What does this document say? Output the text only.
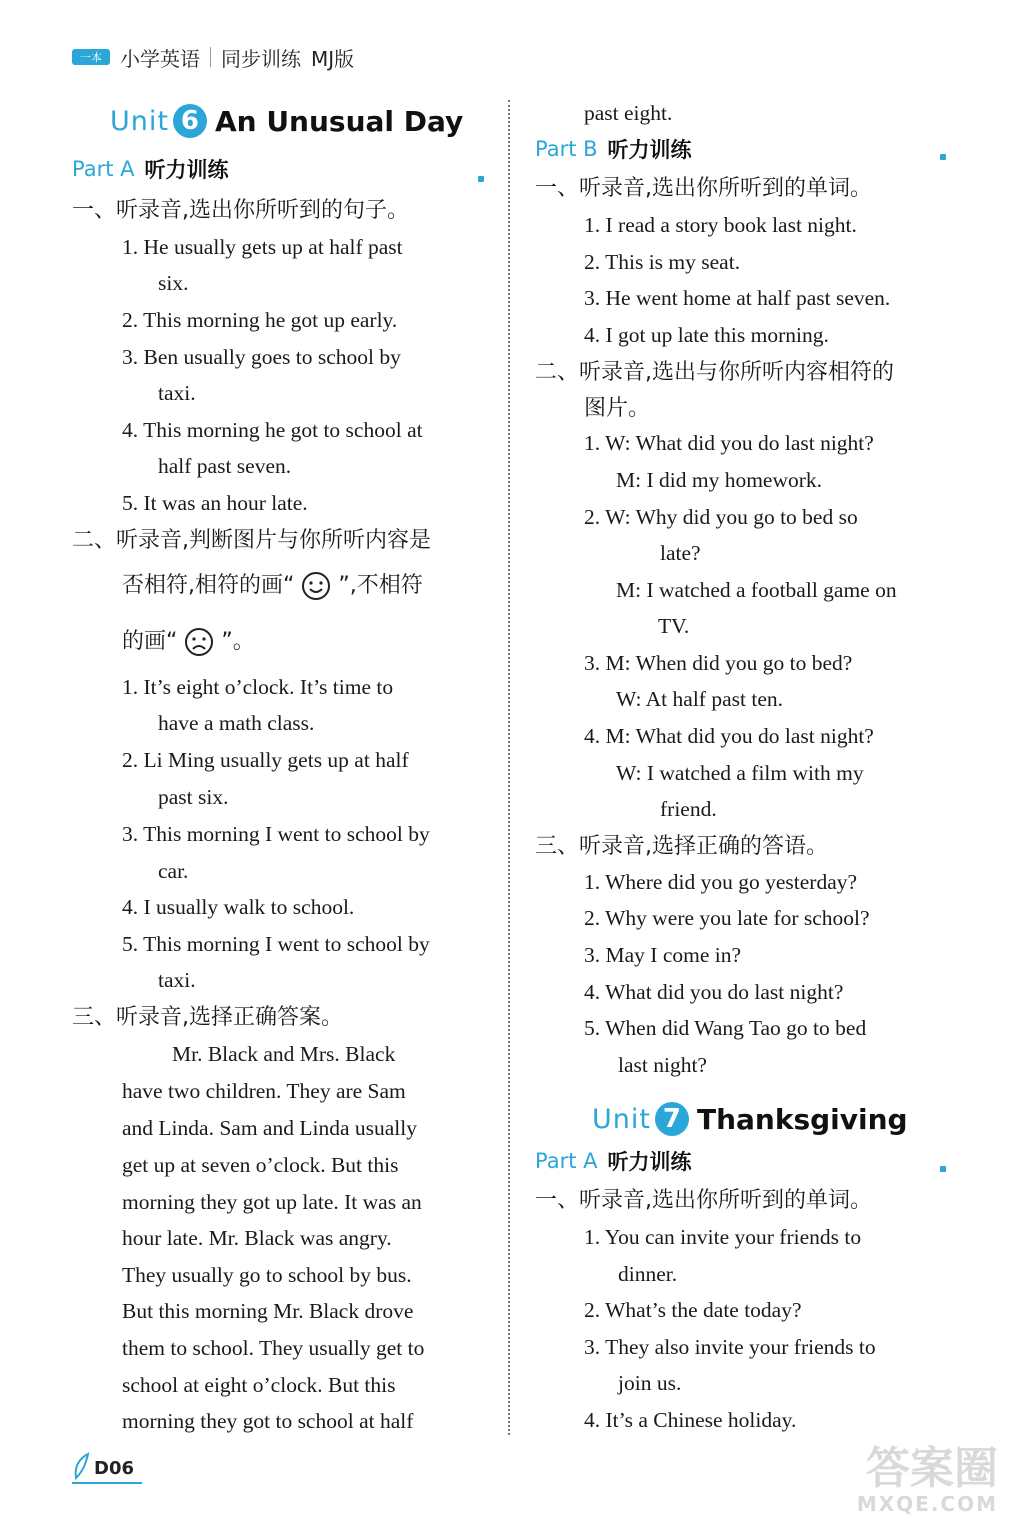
一本 小学英语 同步训练 MJ版
Unit 6 An Unusual Day
Part A 听力训练
一、听录音,选出你所听到的句子。
1. He usually gets up at half past
six.
2. This morning he got up early.
3. Ben usually goes to school by
taxi.
4. This morning he got to school at
half past seven.
5. It was an hour late.
二、听录音,判断图片与你所听内容是
否相符,相符的画“ ”,不相符
的画“ ”。
1. It’s eight o’clock. It’s time to
have a math class.
2. Li Ming usually gets up at half
past six.
3. This morning I went to school by
car.
4. I usually walk to school.
5. This morning I went to school by
taxi.
三、听录音,选择正确答案。
Mr. Black and Mrs. Black
have two children. They are Sam
and Linda. Sam and Linda usually
get up at seven o’clock. But this
morning they got up late. It was an
hour late. Mr. Black was angry.
They usually go to school by bus.
But this morning Mr. Black drove
them to school. They usually get to
school at eight o’clock. But this
morning they got to school at half
past eight.
Part B 听力训练
一、听录音,选出你所听到的单词。
1. I read a story book last night.
2. This is my seat.
3. He went home at half past seven.
4. I got up late this morning.
二、听录音,选出与你所听内容相符的
图片。
1. W: What did you do last night?
M: I did my homework.
2. W: Why did you go to bed so
late?
M: I watched a football game on
TV.
3. M: When did you go to bed?
W: At half past ten.
4. M: What did you do last night?
W: I watched a film with my
friend.
三、听录音,选择正确的答语。
1. Where did you go yesterday?
2. Why were you late for school?
3. May I come in?
4. What did you do last night?
5. When did Wang Tao go to bed
last night?
Unit 7 Thanksgiving
Part A 听力训练
一、听录音,选出你所听到的单词。
1. You can invite your friends to
dinner.
2. What’s the date today?
3. They also invite your friends to
join us.
4. It’s a Chinese holiday.
D06	答案圈
MXQE.COM
